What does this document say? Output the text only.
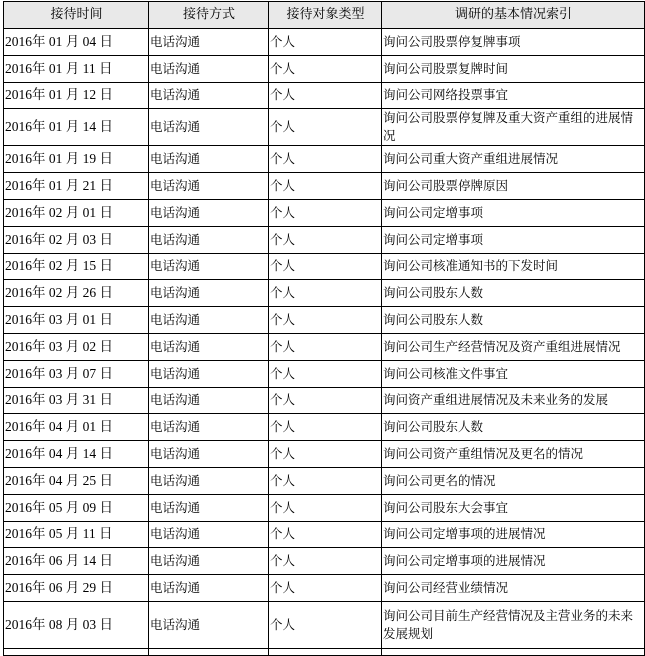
接待时间	接待方式	接待对象类型	调研的基本情况索引
2016年 01 月 04 日	电话沟通	个人	询问公司股票停复牌事项
2016年 01 月 11 日	电话沟通	个人	询问公司股票复牌时间
2016年 01 月 12 日	电话沟通	个人	询问公司网络投票事宜
2016年 01 月 14 日	电话沟通	个人	询问公司股票停复牌及重大资产重组的进展情况
2016年 01 月 19 日	电话沟通	个人	询问公司重大资产重组进展情况
2016年 01 月 21 日	电话沟通	个人	询问公司股票停牌原因
2016年 02 月 01 日	电话沟通	个人	询问公司定增事项
2016年 02 月 03 日	电话沟通	个人	询问公司定增事项
2016年 02 月 15 日	电话沟通	个人	询问公司核准通知书的下发时间
2016年 02 月 26 日	电话沟通	个人	询问公司股东人数
2016年 03 月 01 日	电话沟通	个人	询问公司股东人数
2016年 03 月 02 日	电话沟通	个人	询问公司生产经营情况及资产重组进展情况
2016年 03 月 07 日	电话沟通	个人	询问公司核准文件事宜
2016年 03 月 31 日	电话沟通	个人	询问资产重组进展情况及未来业务的发展
2016年 04 月 01 日	电话沟通	个人	询问公司股东人数
2016年 04 月 14 日	电话沟通	个人	询问公司资产重组情况及更名的情况
2016年 04 月 25 日	电话沟通	个人	询问公司更名的情况
2016年 05 月 09 日	电话沟通	个人	询问公司股东大会事宜
2016年 05 月 11 日	电话沟通	个人	询问公司定增事项的进展情况
2016年 06 月 14 日	电话沟通	个人	询问公司定增事项的进展情况
2016年 06 月 29 日	电话沟通	个人	询问公司经营业绩情况
2016年 08 月 03 日	电话沟通	个人	询问公司目前生产经营情况及主营业务的未来发展规划
